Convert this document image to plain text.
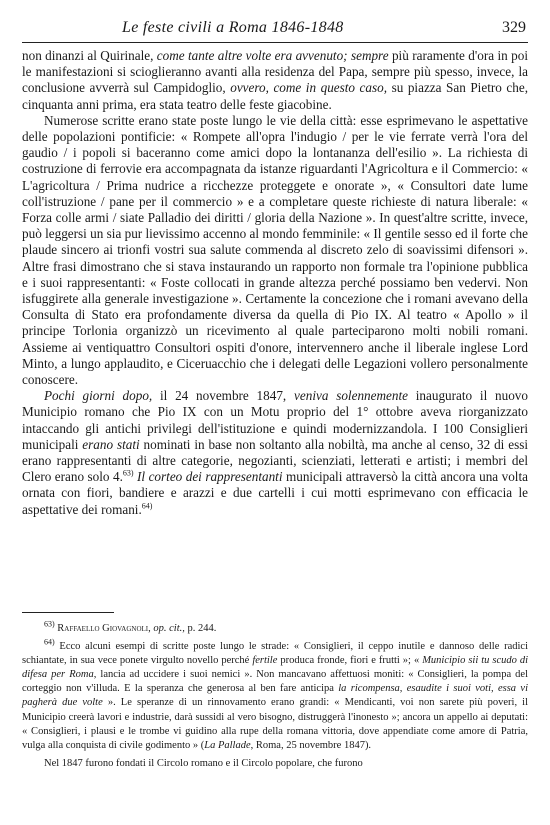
Le feste civili a Roma 1846-1848	329

non dinanzi al Quirinale, come tante altre volte era avvenuto; sempre più raramente d'ora in poi le manifestazioni si scioglieranno avanti alla residenza del Papa, sempre più spesso, invece, la conclusione avverrà sul Campidoglio, ovvero, come in questo caso, su piazza San Pietro che, cinquanta anni prima, era stata teatro delle feste giacobine.

Numerose scritte erano state poste lungo le vie della città: esse esprimevano le aspettative delle popolazioni pontificie: « Rompete all'opra l'indugio / per le vie ferrate verrà l'ora del gaudio / i popoli si baceranno come amici dopo la lontananza dell'esilio ». La richiesta di costruzione di ferrovie era accompagnata da istanze riguardanti l'Agricoltura e il Commercio: « L'agricoltura / Prima nudrice a ricchezze proteggete e onorate », « Consultori date lume coll'istruzione / pane per il commercio » e a completare queste richieste di natura liberale: « Forza colle armi / siate Palladio dei diritti / gloria della Nazione ». In quest'altre scritte, invece, può leggersi un sia pur lievissimo accenno al mondo femminile: « Il gentile sesso ed il forte che plaude sincero ai trionfi vostri sua salute commenda al discreto zelo di soavissimi difensori ». Altre frasi dimostrano che si stava instaurando un rapporto non formale tra l'opinione pubblica e i suoi rappresentanti: « Foste collocati in grande altezza perché possiamo ben vedervi. Non isfuggirete alla generale investigazione ». Certamente la concezione che i romani avevano della Consulta di Stato era profondamente diversa da quella di Pio IX. Al teatro « Apollo » il principe Torlonia organizzò un ricevimento al quale parteciparono molti nobili romani. Assieme ai ventiquattro Consultori ospiti d'onore, intervennero anche il liberale inglese Lord Minto, a lungo applaudito, e Ciceruacchio che i delegati delle Legazioni vollero personalmente conoscere.

Pochi giorni dopo, il 24 novembre 1847, veniva solennemente inaugurato il nuovo Municipio romano che Pio IX con un Motu proprio del 1° ottobre aveva riorganizzato intaccando gli antichi privilegi dell'istituzione e quindi modernizzandola. I 100 Consiglieri municipali erano stati nominati in base non soltanto alla nobiltà, ma anche al censo, 32 di essi erano rappresentanti di altre categorie, negozianti, scienziati, letterati e artisti; i membri del Clero erano solo 4.$^{63)}$ Il corteo dei rappresentanti municipali attraversò la città ancora una volta ornata con fiori, bandiere e arazzi e due cartelli i cui motti esprimevano con efficacia le aspettative dei romani.$^{64)}$

$^{63)}$ Raffaello Giovagnoli, op. cit., p. 244.

$^{64)}$ Ecco alcuni esempi di scritte poste lungo le strade: « Consiglieri, il ceppo inutile e dannoso delle radici schiantate, in sua vece ponete virgulto novello perché fertile produca fronde, fiori e frutti »; « Municipio sii tu scudo di difesa per Roma, lancia ad uccidere i suoi nemici ». Non mancavano affettuosi moniti: « Consiglieri, la pompa del corteggio non v'illuda. E la speranza che generosa al ben fare anticipa la ricompensa, esaudite i suoi voti, essa vi pagherà due volte ». Le speranze di un rinnovamento erano grandi: « Mendicanti, voi non sarete più poveri, il Municipio creerà lavori e industrie, darà sussidi al vero bisogno, distruggerà l'inonesto »; ancora un appello ai deputati: « Consiglieri, i plausi e le trombe vi guidino alla rupe della romana vittoria, dove appendiate come amore di Patria, vulga alla conquista di civile godimento » (La Pallade, Roma, 25 novembre 1847).

Nel 1847 furono fondati il Circolo romano e il Circolo popolare, che furono
